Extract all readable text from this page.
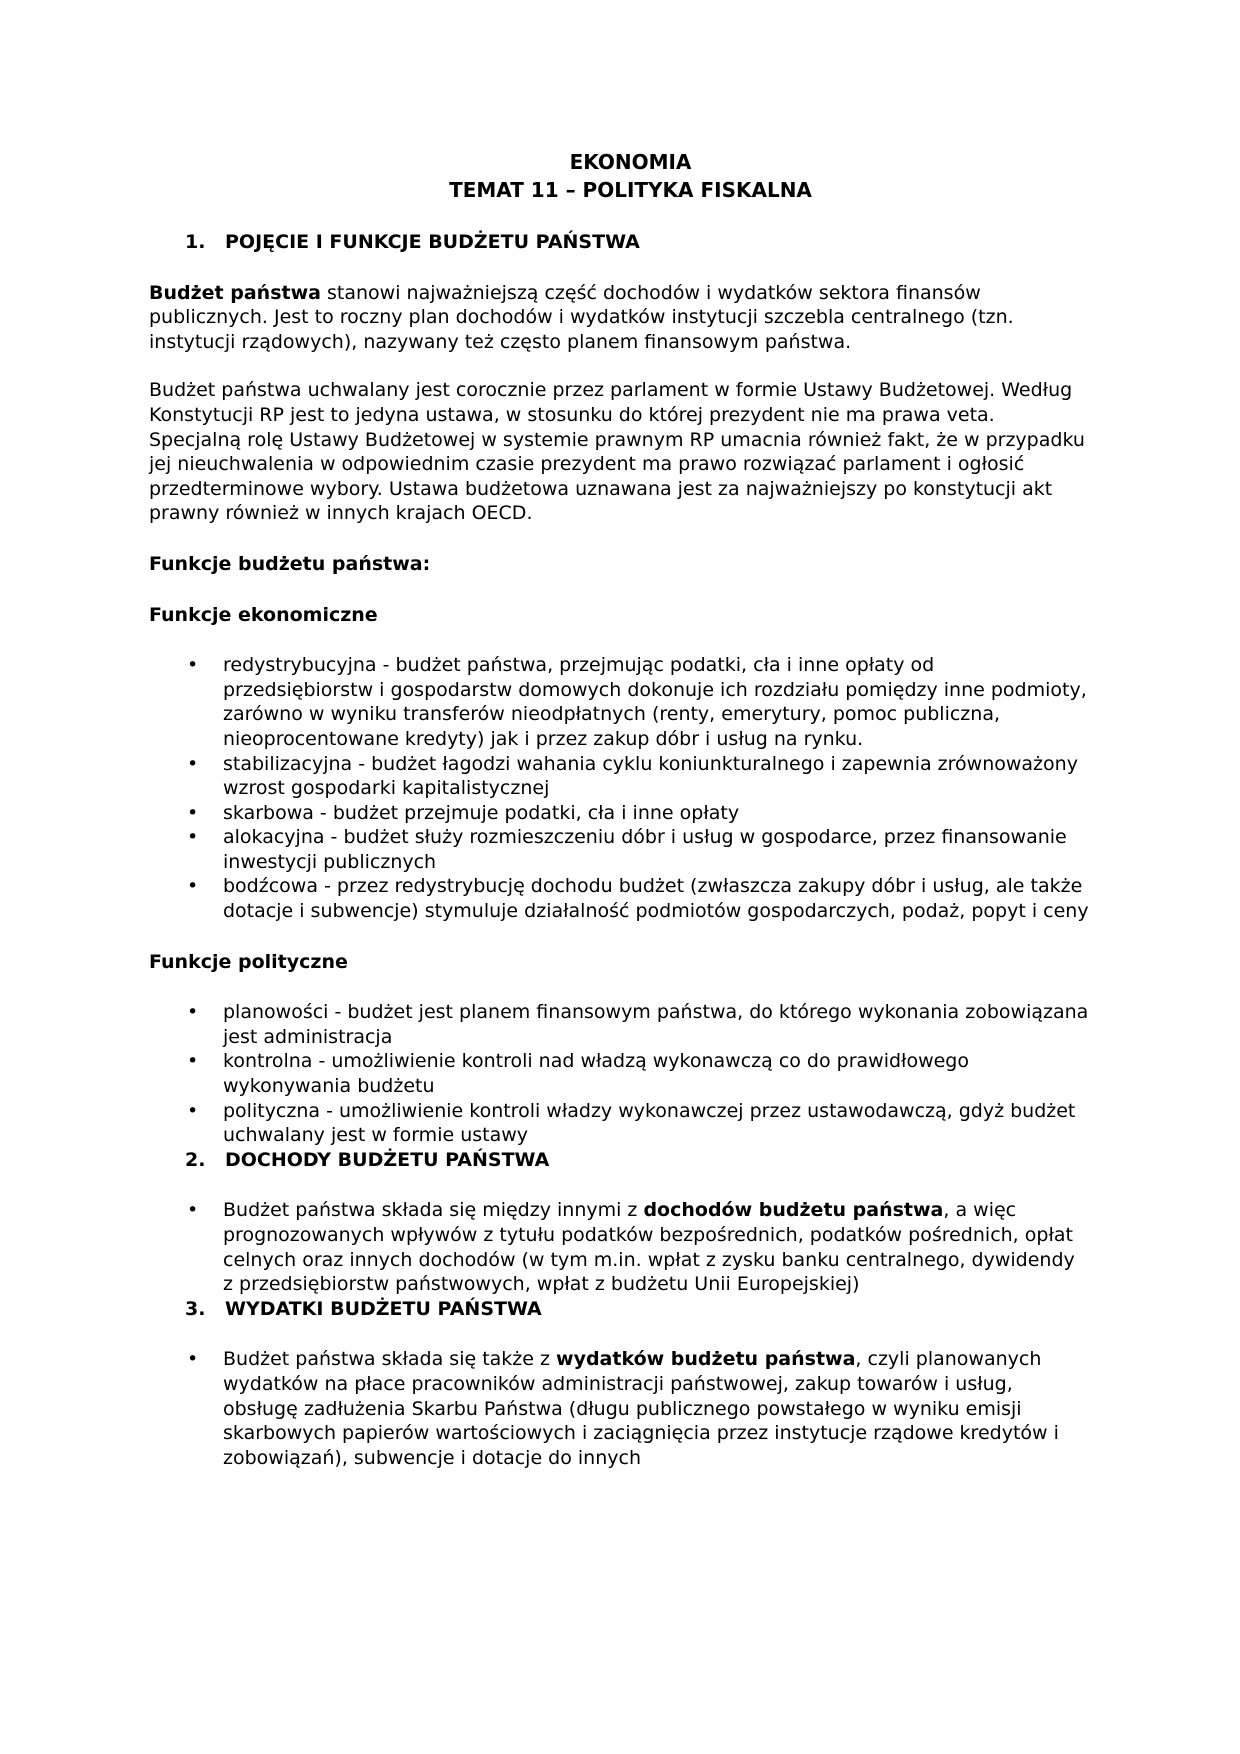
EKONOMIA

TEMAT 11 – POLITYKA FISKALNA

1.	POJĘCIE I FUNKCJE BUDŻETU PAŃSTWA

Budżet państwa stanowi najważniejszą część dochodów i wydatków sektora finansów publicznych. Jest to roczny plan dochodów i wydatków instytucji szczebla centralnego (tzn. instytucji rządowych), nazywany też często planem finansowym państwa.

Budżet państwa uchwalany jest corocznie przez parlament w formie Ustawy Budżetowej. Według Konstytucji RP jest to jedyna ustawa, w stosunku do której prezydent nie ma prawa veta. Specjalną rolę Ustawy Budżetowej w systemie prawnym RP umacnia również fakt, że w przypadku jej nieuchwalenia w odpowiednim czasie prezydent ma prawo rozwiązać parlament i ogłosić przedterminowe wybory. Ustawa budżetowa uznawana jest za najważniejszy po konstytucji akt prawny również w innych krajach OECD.

Funkcje budżetu państwa:

Funkcje ekonomiczne

• redystrybucyjna - budżet państwa, przejmując podatki, cła i inne opłaty od przedsiębiorstw i gospodarstw domowych dokonuje ich rozdziału pomiędzy inne podmioty, zarówno w wyniku transferów nieodpłatnych (renty, emerytury, pomoc publiczna, nieoprocentowane kredyty) jak i przez zakup dóbr i usług na rynku.
• stabilizacyjna - budżet łagodzi wahania cyklu koniunkturalnego i zapewnia zrównoważony wzrost gospodarki kapitalistycznej
• skarbowa - budżet przejmuje podatki, cła i inne opłaty
• alokacyjna - budżet służy rozmieszczeniu dóbr i usług w gospodarce, przez finansowanie inwestycji publicznych
• bodźcowa - przez redystrybucję dochodu budżet (zwłaszcza zakupy dóbr i usług, ale także dotacje i subwencje) stymuluje działalność podmiotów gospodarczych, podaż, popyt i ceny

Funkcje polityczne

• planowości - budżet jest planem finansowym państwa, do którego wykonania zobowiązana jest administracja
• kontrolna - umożliwienie kontroli nad władzą wykonawczą co do prawidłowego wykonywania budżetu
• polityczna - umożliwienie kontroli władzy wykonawczej przez ustawodawczą, gdyż budżet uchwalany jest w formie ustawy
2.	DOCHODY BUDŻETU PAŃSTWA
• Budżet państwa składa się między innymi z dochodów budżetu państwa, a więc prognozowanych wpływów z tytułu podatków bezpośrednich, podatków pośrednich, opłat celnych oraz innych dochodów (w tym m.in. wpłat z zysku banku centralnego, dywidendy z przedsiębiorstw państwowych, wpłat z budżetu Unii Europejskiej)
3.	WYDATKI BUDŻETU PAŃSTWA
• Budżet państwa składa się także z wydatków budżetu państwa, czyli planowanych wydatków na płace pracowników administracji państwowej, zakup towarów i usług, obsługę zadłużenia Skarbu Państwa (długu publicznego powstałego w wyniku emisji skarbowych papierów wartościowych i zaciągnięcia przez instytucje rządowe kredytów i zobowiązań), subwencje i dotacje do innych
